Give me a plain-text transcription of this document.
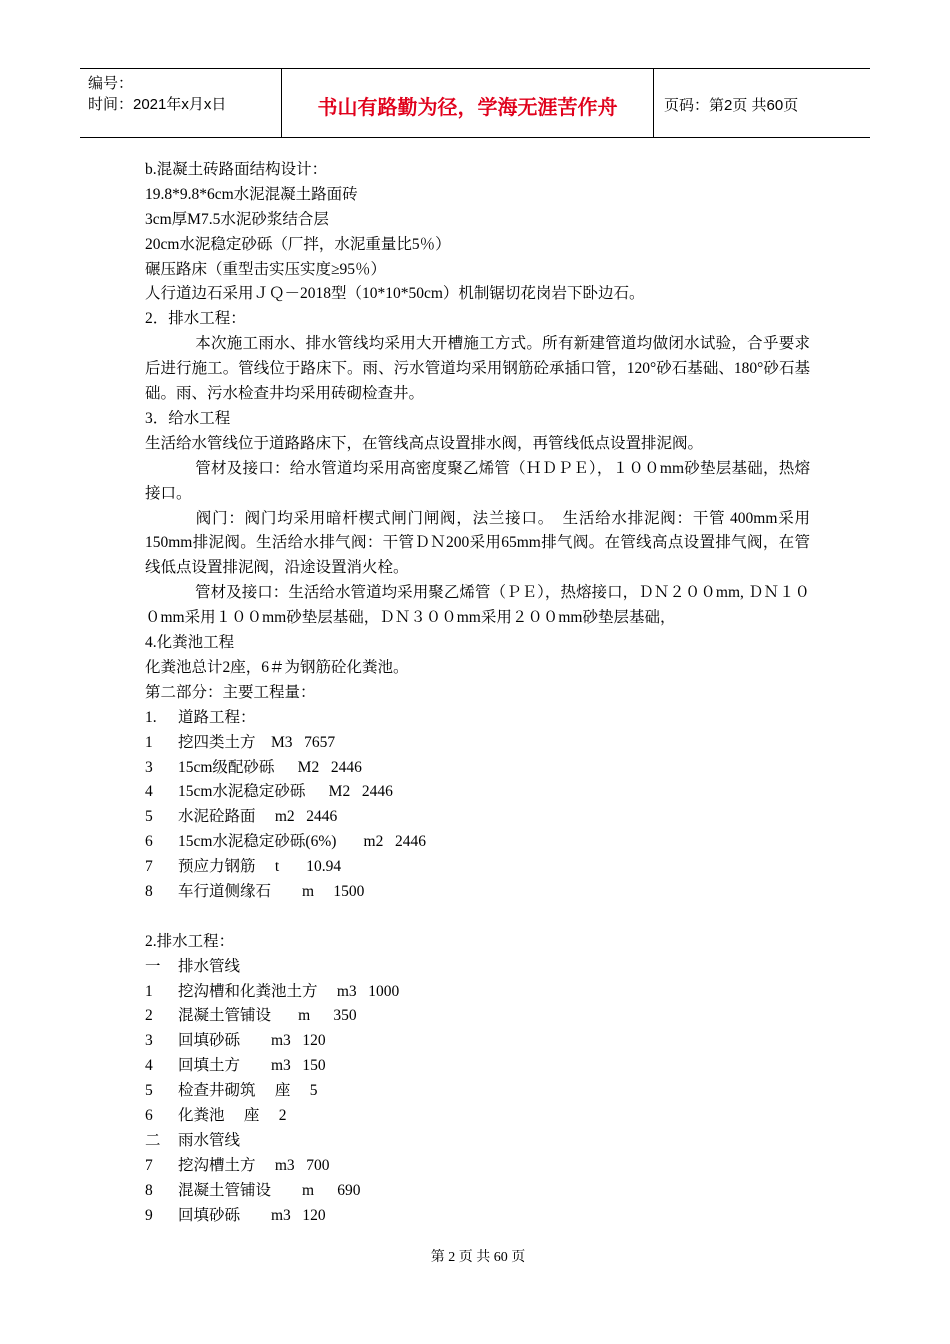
编号：
时间：2021年x月x日	书山有路勤为径，学海无涯苦作舟	页码：第2页 共60页
b.混凝土砖路面结构设计：
19.8*9.8*6cm水泥混凝土路面砖
3cm厚M7.5水泥砂浆结合层
20cm水泥稳定砂砾（厂拌，水泥重量比5％）
碾压路床（重型击实压实度≥95％）
人行道边石采用ＪＱ－2018型（10*10*50cm）机制锯切花岗岩下卧边石。
2．排水工程：
本次施工雨水、排水管线均采用大开槽施工方式。所有新建管道均做闭水试验，合乎要求后进行施工。管线位于路床下。雨、污水管道均采用钢筋砼承插口管，120°砂石基础、180°砂石基础。雨、污水检查井均采用砖砌检查井。
3．给水工程
生活给水管线位于道路路床下，在管线高点设置排水阀，再管线低点设置排泥阀。
管材及接口：给水管道均采用高密度聚乙烯管（ＨＤＰＥ），１００mm砂垫层基础，热熔接口。
阀门：阀门均采用暗杆楔式闸门闸阀，法兰接口。　生活给水排泥阀：干管 400mm采用150mm排泥阀。生活给水排气阀：干管ＤＮ200采用65mm排气阀。在管线高点设置排气阀，在管线低点设置排泥阀，沿途设置消火栓。
管材及接口：生活给水管道均采用聚乙烯管（ＰＥ），热熔接口，ＤＮ２００mm, ＤＮ１００mm采用１００mm砂垫层基础，ＤＮ３００mm采用２００mm砂垫层基础，
4.化粪池工程
化粪池总计2座，6＃为钢筋砼化粪池。
第二部分：主要工程量：
1.	道路工程：
1	挖四类土方    M3   7657
3	15cm级配砂砾      M2   2446
4	15cm水泥稳定砂砾      M2   2446
5	水泥砼路面     m2   2446
6	15cm水泥稳定砂砾(6%)       m2   2446
7	预应力钢筋     t       10.94
8	车行道侧缘石        m     1500
2.排水工程：
一	排水管线
1	挖沟槽和化粪池土方     m3   1000
2	混凝土管铺设       m      350
3	回填砂砾        m3   120
4	回填土方        m3   150
5	检查井砌筑     座     5
6	化粪池     座     2
二	雨水管线
7	挖沟槽土方     m3   700
8	混凝土管铺设        m      690
9	回填砂砾        m3   120
第 2 页 共 60 页
